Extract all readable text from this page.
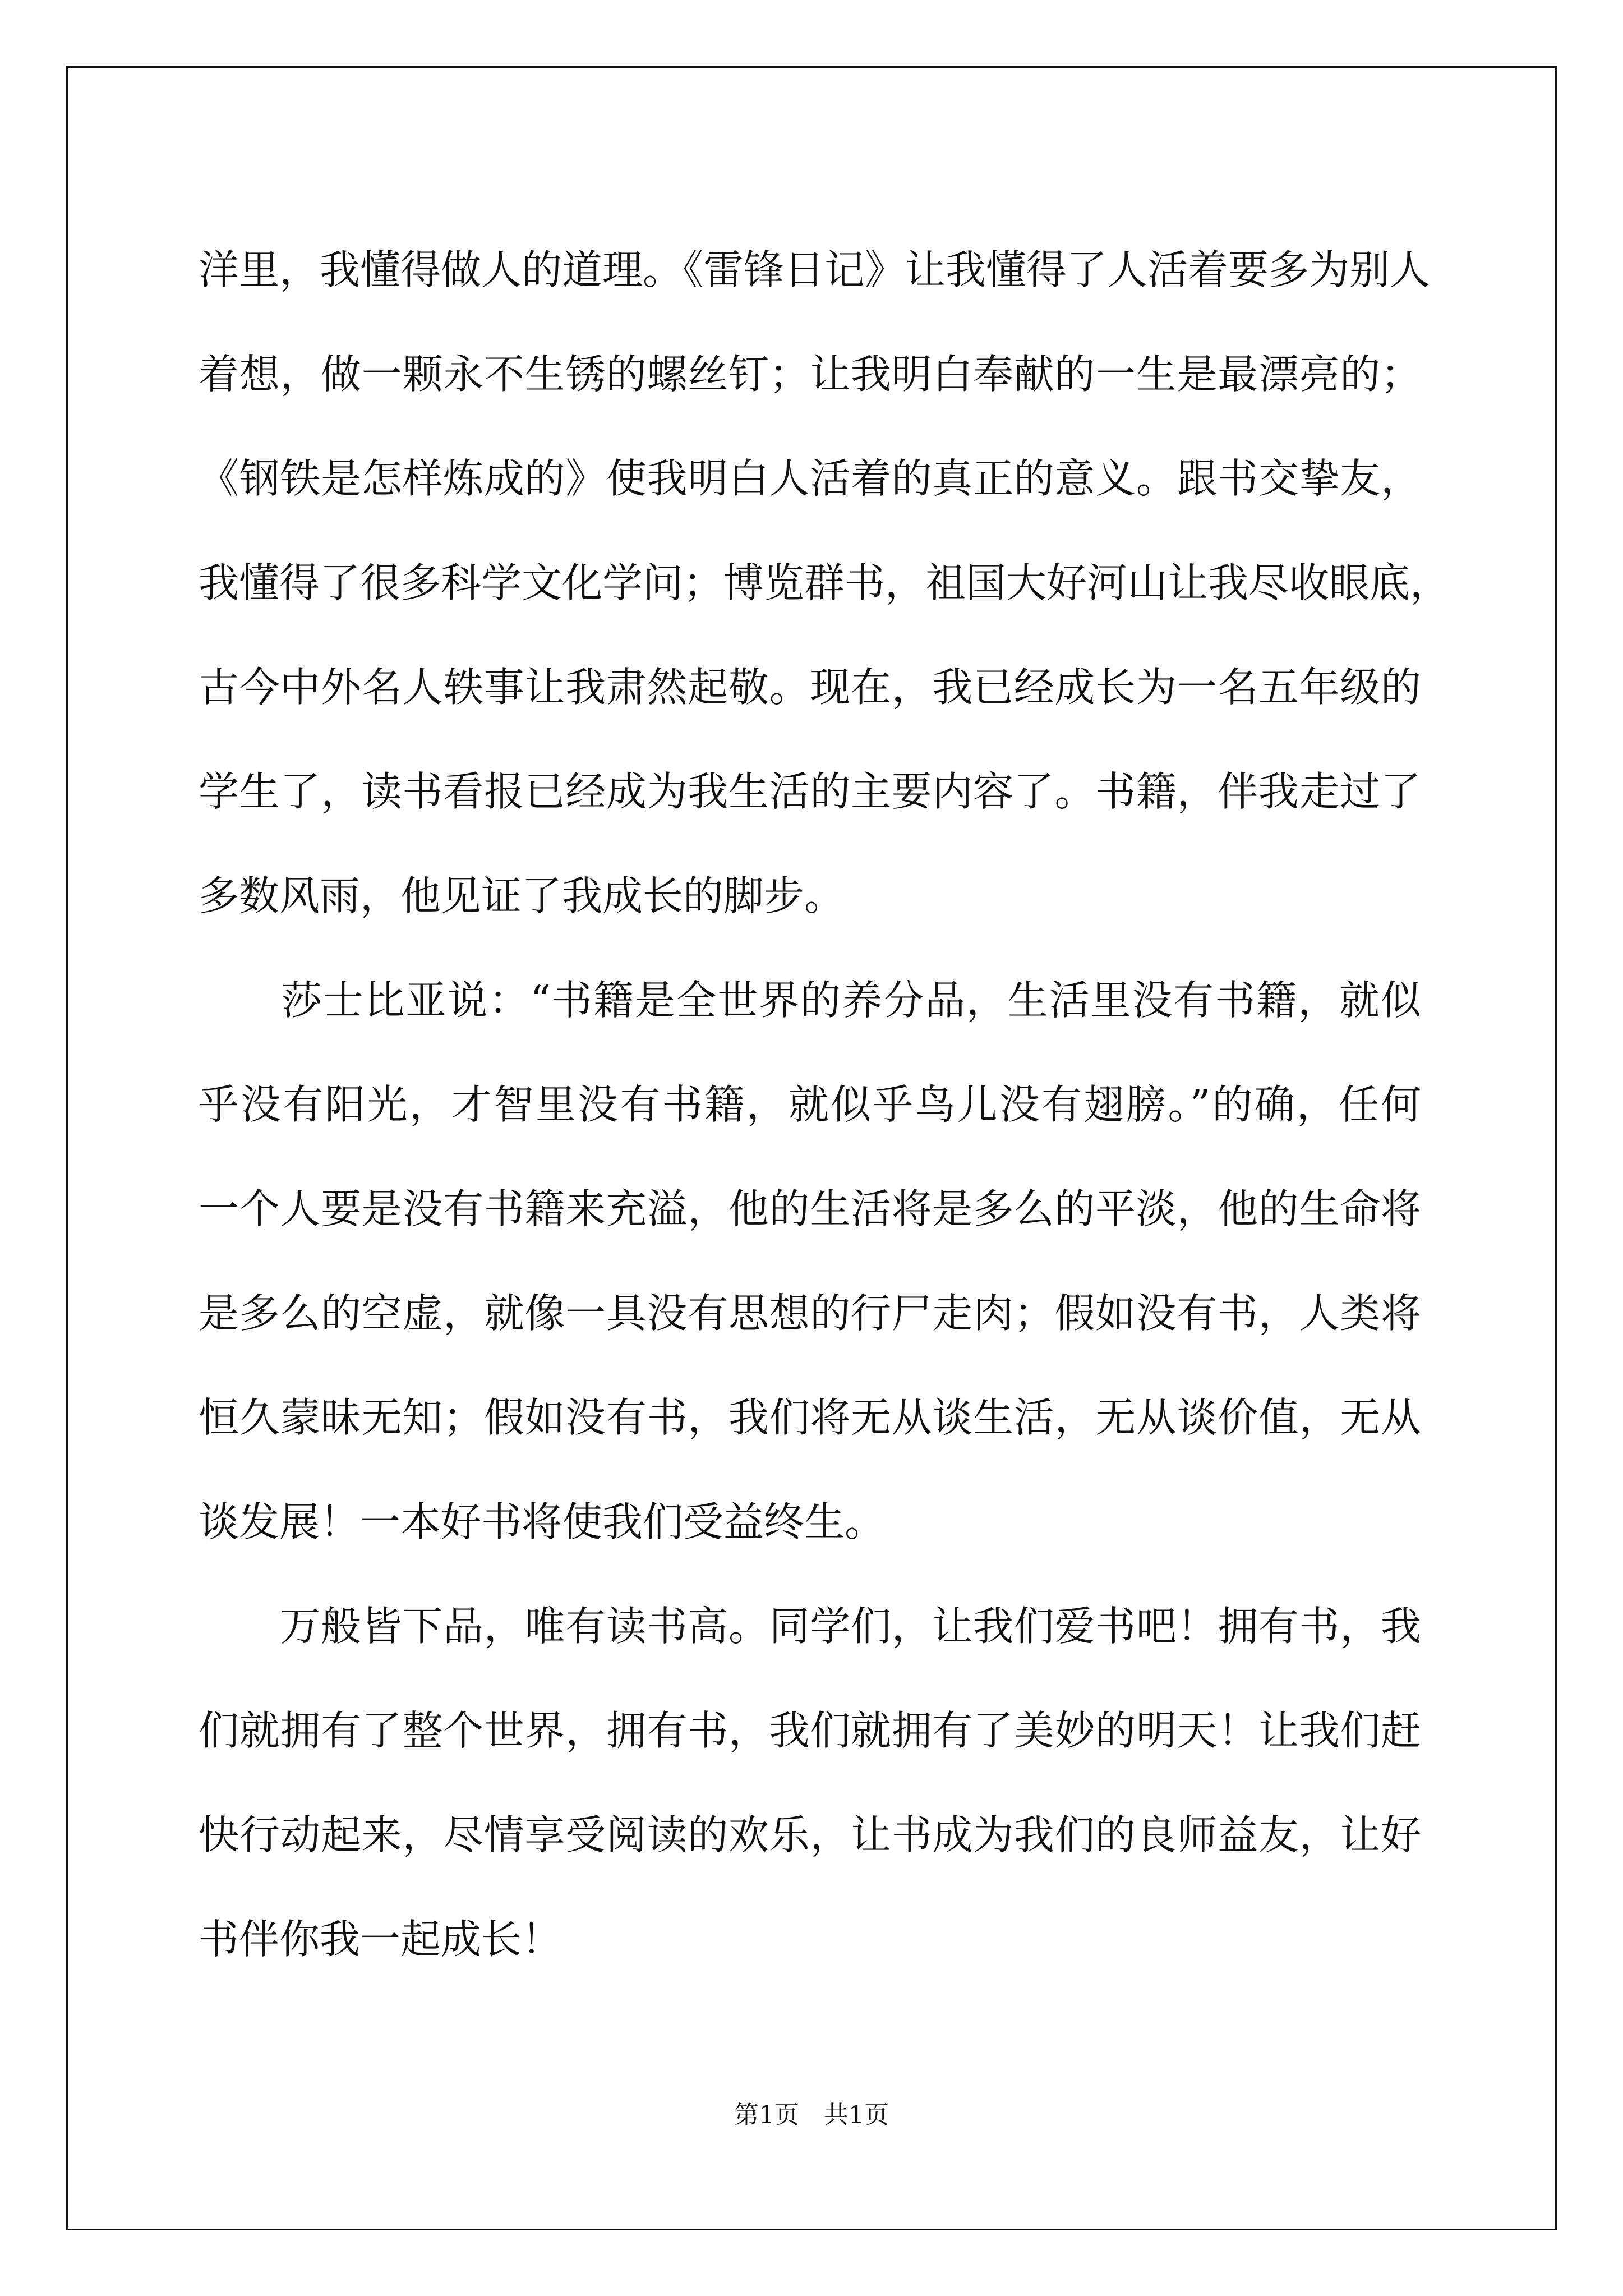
洋里，我懂得做人的道理。《雷锋日记》让我懂得了人活着要多为别人
着想，做一颗永不生锈的螺丝钉；让我明白奉献的一生是最漂亮的；
《钢铁是怎样炼成的》使我明白人活着的真正的意义。跟书交挚友，
我懂得了很多科学文化学问；博览群书，祖国大好河山让我尽收眼底，
古今中外名人轶事让我肃然起敬。现在，我已经成长为一名五年级的
学生了，读书看报已经成为我生活的主要内容了。书籍，伴我走过了
多数风雨，他见证了我成长的脚步。
　　莎士比亚说：“书籍是全世界的养分品，生活里没有书籍，就似
乎没有阳光，才智里没有书籍，就似乎鸟儿没有翅膀。”的确，任何
一个人要是没有书籍来充溢，他的生活将是多么的平淡，他的生命将
是多么的空虚，就像一具没有思想的行尸走肉；假如没有书，人类将
恒久蒙昧无知；假如没有书，我们将无从谈生活，无从谈价值，无从
谈发展！一本好书将使我们受益终生。
　　万般皆下品，唯有读书高。同学们，让我们爱书吧！拥有书，我
们就拥有了整个世界，拥有书，我们就拥有了美妙的明天！让我们赶
快行动起来，尽情享受阅读的欢乐，让书成为我们的良师益友，让好
书伴你我一起成长！
第1页　共1页
